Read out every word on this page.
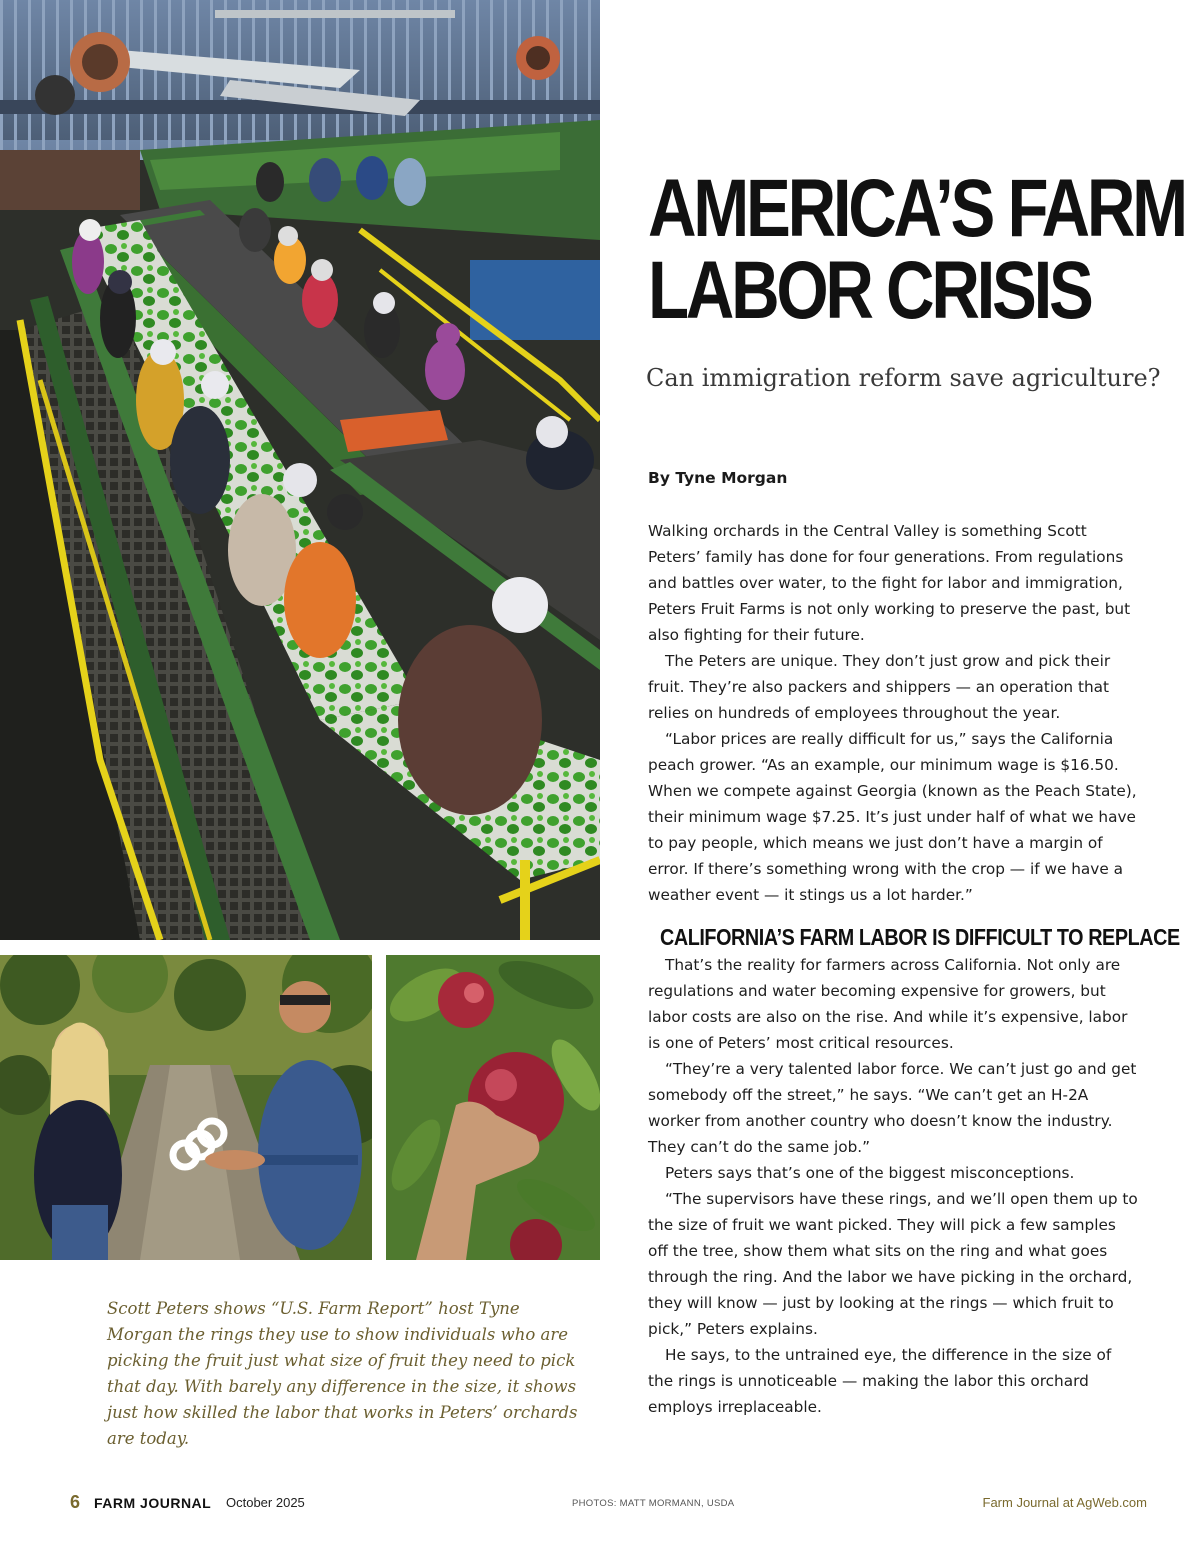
Scott Peters shows “U.S. Farm Report” host Tyne Morgan the rings they use to show individuals who are picking the fruit just what size of fruit they need to pick that day. With barely any difference in the size, it shows just how skilled the labor that works in Peters’ orchards are today.

AMERICA’S FARM
LABOR CRISIS

Can immigration reform save agriculture?

By Tyne Morgan

Walking orchards in the Central Valley is something Scott Peters’ family has done for four generations. From regulations and battles over water, to the fight for labor and immigration, Peters Fruit Farms is not only working to preserve the past, but also fighting for their future.

The Peters are unique. They don’t just grow and pick their fruit. They’re also packers and shippers — an operation that relies on hundreds of employees throughout the year.

“Labor prices are really difficult for us,” says the California peach grower. “As an example, our minimum wage is $16.50. When we compete against Georgia (known as the Peach State), their minimum wage $7.25. It’s just under half of what we have to pay people, which means we just don’t have a margin of error. If there’s something wrong with the crop — if we have a weather event — it stings us a lot harder.”

CALIFORNIA’S FARM LABOR IS DIFFICULT TO REPLACE

That’s the reality for farmers across California. Not only are regulations and water becoming expensive for growers, but labor costs are also on the rise. And while it’s expensive, labor is one of Peters’ most critical resources.

“They’re a very talented labor force. We can’t just go and get somebody off the street,” he says. “We can’t get an H-2A worker from another country who doesn’t know the industry. They can’t do the same job.”

Peters says that’s one of the biggest misconceptions.

“The supervisors have these rings, and we’ll open them up to the size of fruit we want picked. They will pick a few samples off the tree, show them what sits on the ring and what goes through the ring. And the labor we have picking in the orchard, they will know — just by looking at the rings — which fruit to pick,” Peters explains.

He says, to the untrained eye, the difference in the size of the rings is unnoticeable — making the labor this orchard employs irreplaceable.

6 FARM JOURNAL October 2025	PHOTOS: MATT MORMANN, USDA	Farm Journal at AgWeb.com
